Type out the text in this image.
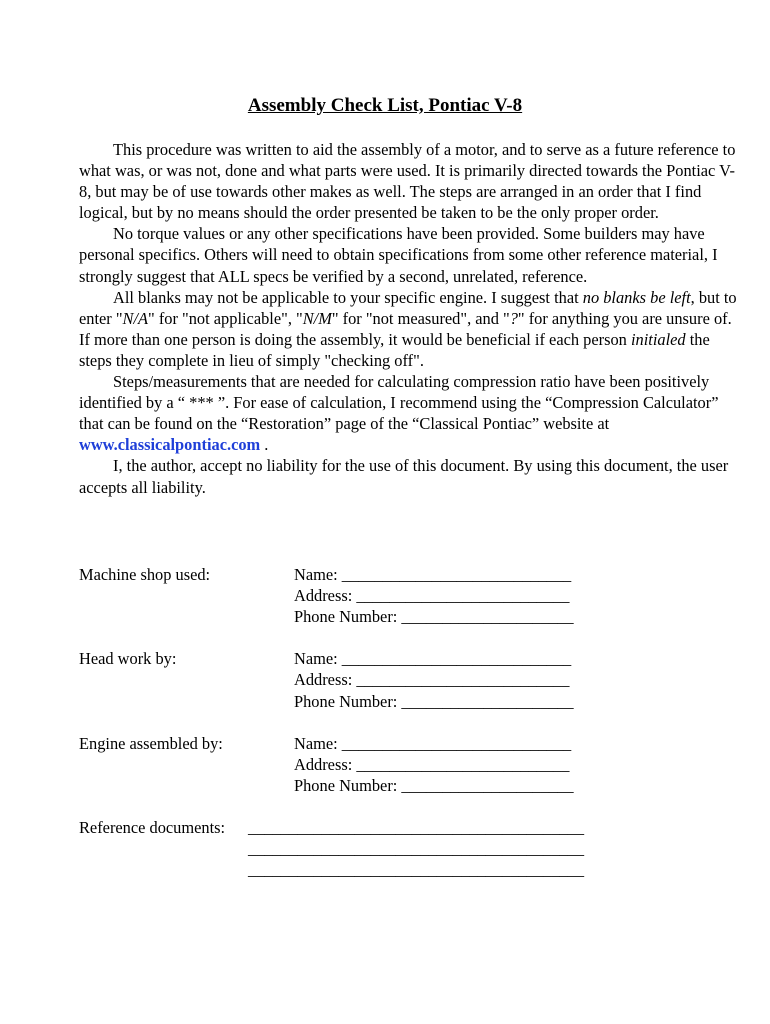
Assembly Check List, Pontiac V-8

This procedure was written to aid the assembly of a motor, and to serve as a future reference to what was, or was not, done and what parts were used. It is primarily directed towards the Pontiac V-8, but may be of use towards other makes as well. The steps are arranged in an order that I find logical, but by no means should the order presented be taken to be the only proper order.

No torque values or any other specifications have been provided. Some builders may have personal specifics. Others will need to obtain specifications from some other reference material, I strongly suggest that ALL specs be verified by a second, unrelated, reference.

All blanks may not be applicable to your specific engine. I suggest that no blanks be left, but to enter "N/A" for "not applicable", "N/M" for "not measured", and "?" for anything you are unsure of. If more than one person is doing the assembly, it would be beneficial if each person initialed the steps they complete in lieu of simply "checking off".

Steps/measurements that are needed for calculating compression ratio have been positively identified by a “ *** ”. For ease of calculation, I recommend using the “Compression Calculator” that can be found on the “Restoration” page of the “Classical Pontiac” website at www.classicalpontiac.com .

I, the author, accept no liability for the use of this document. By using this document, the user accepts all liability.

Machine shop used:	Name: ____________________________
Address: __________________________
Phone Number: _____________________
Head work by:	Name: ____________________________
Address: __________________________
Phone Number: _____________________
Engine assembled by:	Name: ____________________________
Address: __________________________
Phone Number: _____________________
Reference documents: _________________________________________
_________________________________________
_________________________________________
